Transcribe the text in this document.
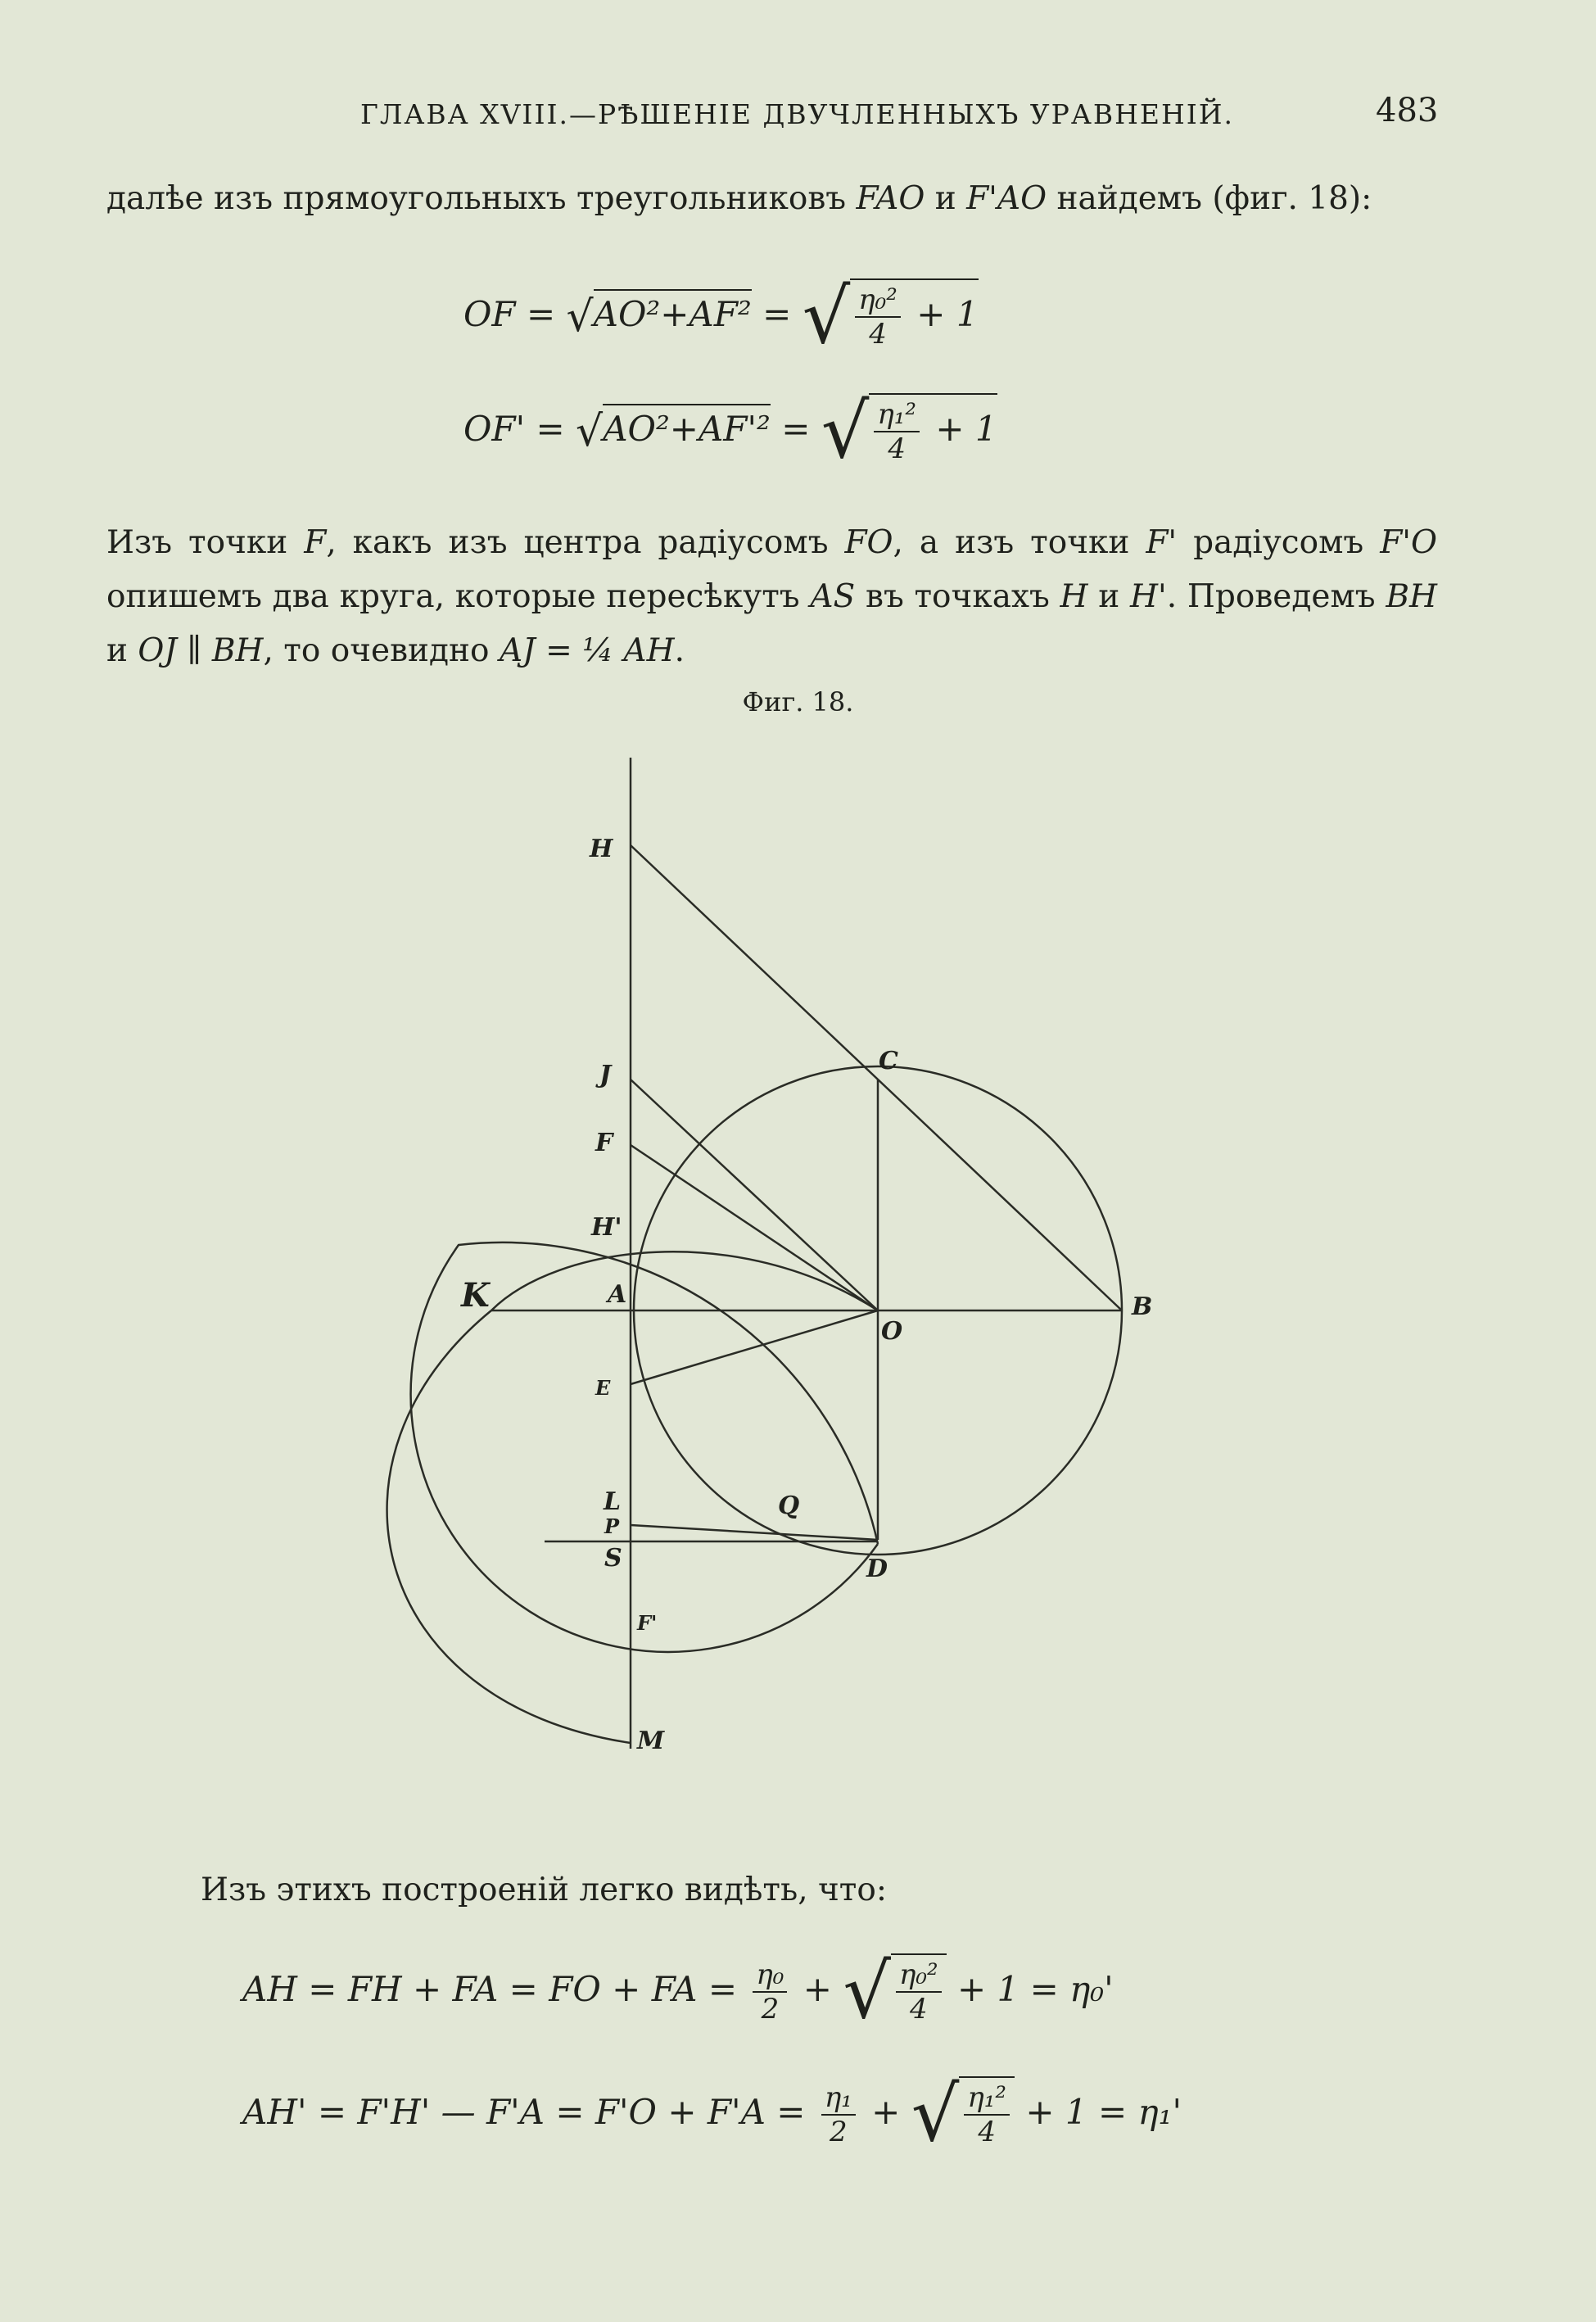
ГЛАВА XVIII.—РѢШЕНІЕ ДВУЧЛЕННЫХЪ УРАВНЕНІЙ.	483
далѣе изъ прямоугольныхъ треугольниковъ FAO и F'AO найдемъ (фиг. 18):
OF = √AO²+AF² = √ $\frac{\text{η₀²}}{4} + 1$
OF' = √AO²+AF'² = √ $\frac{\text{η₁²}}{4} + 1$
Изъ точки F, какъ изъ центра радіусомъ FO, а изъ точки F' радіусомъ F'O опишемъ два круга, которые пересѣкутъ AS въ точкахъ H и H'. Проведемъ BH и OJ ∥ BH, то очевидно AJ = ¼ AH.
Фиг. 18.
H
J
F
H'
K	A
O
B
C
E
L
P
S
Q
D
F'
M
Изъ этихъ построеній легко видѣть, что:
AH = FH + FA = FO + FA = $\frac{\text{η₀}}{2}$ + √ $\frac{\text{η₀²}}{4} + 1 = \eta_0'$
AH' = F'H' — $F'A = F'O + F'A = \frac{\text{η₁}}{2}$ + √ $\frac{\text{η₁²}}{4} + 1 = \eta_1'$
